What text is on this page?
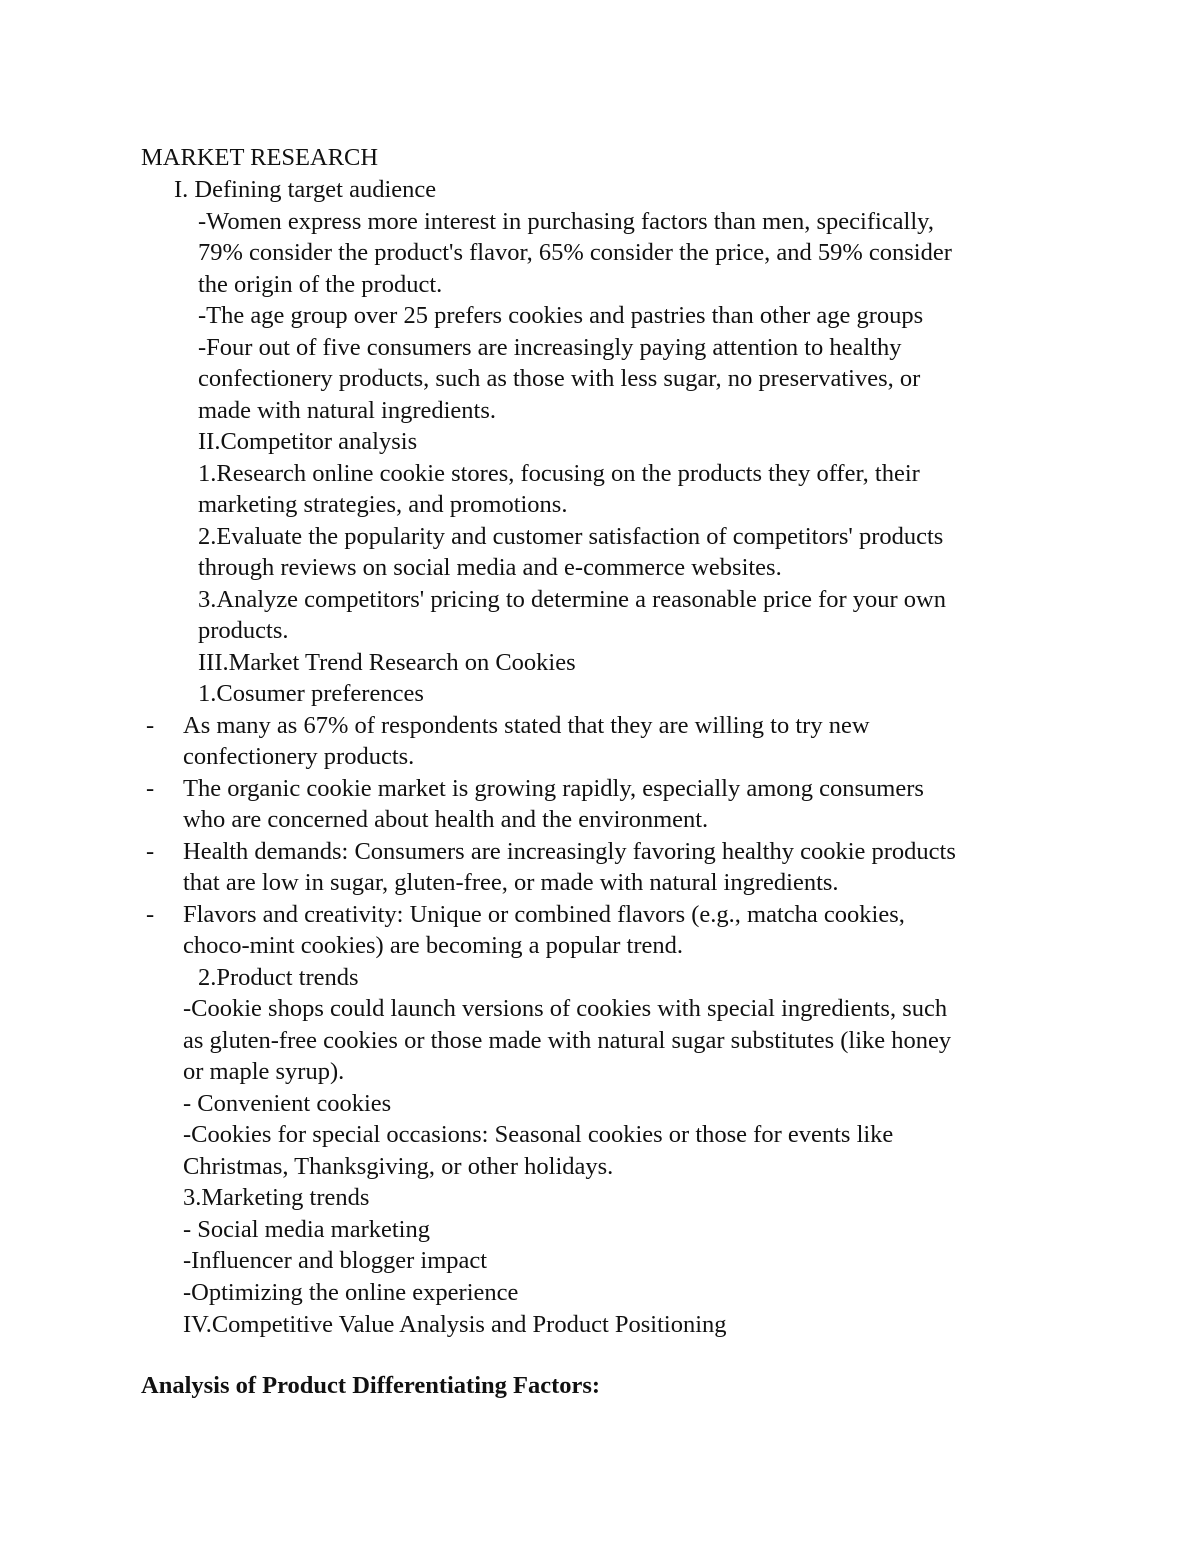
MARKET RESEARCH
I. Defining target audience
-Women express more interest in purchasing factors than men, specifically,
79% consider the product's flavor, 65% consider the price, and 59% consider
the origin of the product.
-The age group over 25 prefers cookies and pastries than other age groups
-Four out of five consumers are increasingly paying attention to healthy
confectionery products, such as those with less sugar, no preservatives, or
made with natural ingredients.
II.Competitor analysis
1.Research online cookie stores, focusing on the products they offer, their
marketing strategies, and promotions.
2.Evaluate the popularity and customer satisfaction of competitors' products
through reviews on social media and e-commerce websites.
3.Analyze competitors' pricing to determine a reasonable price for your own
products.
III.Market Trend Research on Cookies
1.Cosumer preferences
- As many as 67% of respondents stated that they are willing to try new
confectionery products.
- The organic cookie market is growing rapidly, especially among consumers
who are concerned about health and the environment.
- Health demands: Consumers are increasingly favoring healthy cookie products
that are low in sugar, gluten-free, or made with natural ingredients.
- Flavors and creativity: Unique or combined flavors (e.g., matcha cookies,
choco-mint cookies) are becoming a popular trend.
2.Product trends
-Cookie shops could launch versions of cookies with special ingredients, such
as gluten-free cookies or those made with natural sugar substitutes (like honey
or maple syrup).
- Convenient cookies
-Cookies for special occasions: Seasonal cookies or those for events like
Christmas, Thanksgiving, or other holidays.
3.Marketing trends
- Social media marketing
-Influencer and blogger impact
-Optimizing the online experience
IV.Competitive Value Analysis and Product Positioning
Analysis of Product Differentiating Factors:
